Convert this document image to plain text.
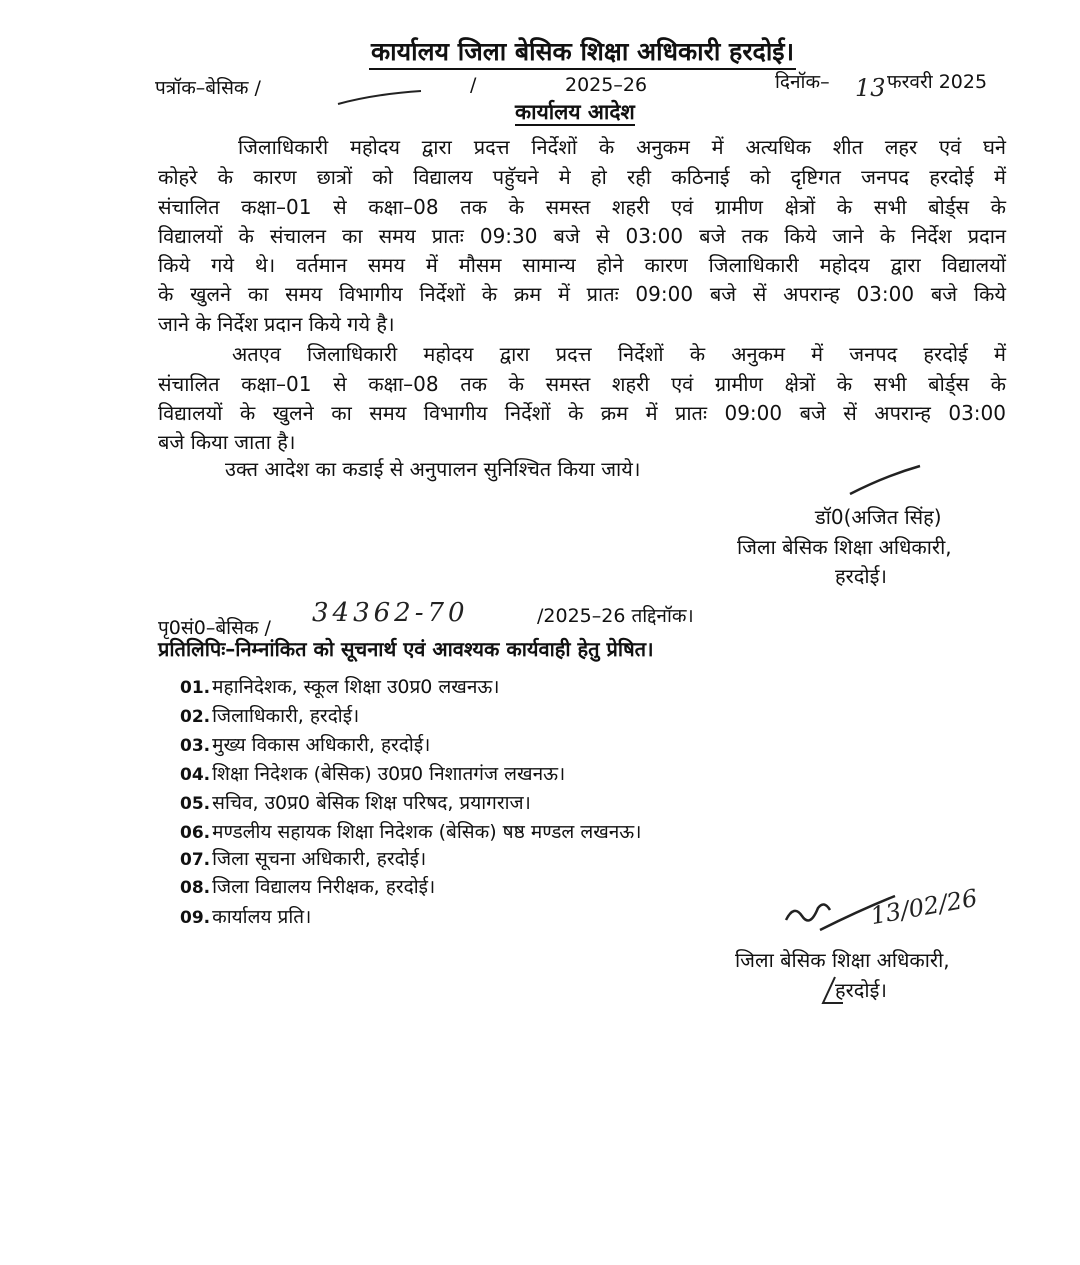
कार्यालय जिला बेसिक शिक्षा अधिकारी हरदोई।
पत्रॉक–बेसिक /	/	2025–26	दिनॉक– 13 फरवरी 2025
कार्यालय आदेश
जिलाधिकारी महोदय द्वारा प्रदत्त निर्देशों के अनुकम में अत्यधिक शीत लहर एवं घने
कोहरे के कारण छात्रों को विद्यालय पहुॅचने मे हो रही कठिनाई को दृष्टिगत जनपद हरदोई में
संचालित कक्षा–01 से कक्षा–08 तक के समस्त शहरी एवं ग्रामीण क्षेत्रों के सभी बोर्ड्स के
विद्यालयों के संचालन का समय प्रातः 09:30 बजे से 03:00 बजे तक किये जाने के निर्देश प्रदान
किये गये थे। वर्तमान समय में मौसम सामान्य होने कारण जिलाधिकारी महोदय द्वारा विद्यालयों
के खुलने का समय विभागीय निर्देशों के क्रम में प्रातः 09:00 बजे सें अपरान्ह 03:00 बजे किये
जाने के निर्देश प्रदान किये गये है।
अतएव जिलाधिकारी महोदय द्वारा प्रदत्त निर्देशों के अनुकम में जनपद हरदोई में
संचालित कक्षा–01 से कक्षा–08 तक के समस्त शहरी एवं ग्रामीण क्षेत्रों के सभी बोर्ड्स के
विद्यालयों के खुलने का समय विभागीय निर्देशों के क्रम में प्रातः 09:00 बजे सें अपरान्ह 03:00
बजे किया जाता है।
उक्त आदेश का कडाई से अनुपालन सुनिश्चित किया जाये।
डॉ0(अजित सिंह)
जिला बेसिक शिक्षा अधिकारी,
हरदोई।
पृ0सं0–बेसिक / 34362-70	/2025–26 तद्दिनॉक।
प्रतिलिपिः–निम्नांकित को सूचनार्थ एवं आवश्यक कार्यवाही हेतु प्रेषित।
01. महानिदेशक, स्कूल शिक्षा उ0प्र0 लखनऊ।
02. जिलाधिकारी, हरदोई।
03. मुख्य विकास अधिकारी, हरदोई।
04. शिक्षा निदेशक (बेसिक) उ0प्र0 निशातगंज लखनऊ।
05. सचिव, उ0प्र0 बेसिक शिक्ष परिषद, प्रयागराज।
06. मण्डलीय सहायक शिक्षा निदेशक (बेसिक) षष्ठ मण्डल लखनऊ।
07. जिला सूचना अधिकारी, हरदोई।
08. जिला विद्यालय निरीक्षक, हरदोई।
09. कार्यालय प्रति।	13/02/26
जिला बेसिक शिक्षा अधिकारी,
हरदोई।
